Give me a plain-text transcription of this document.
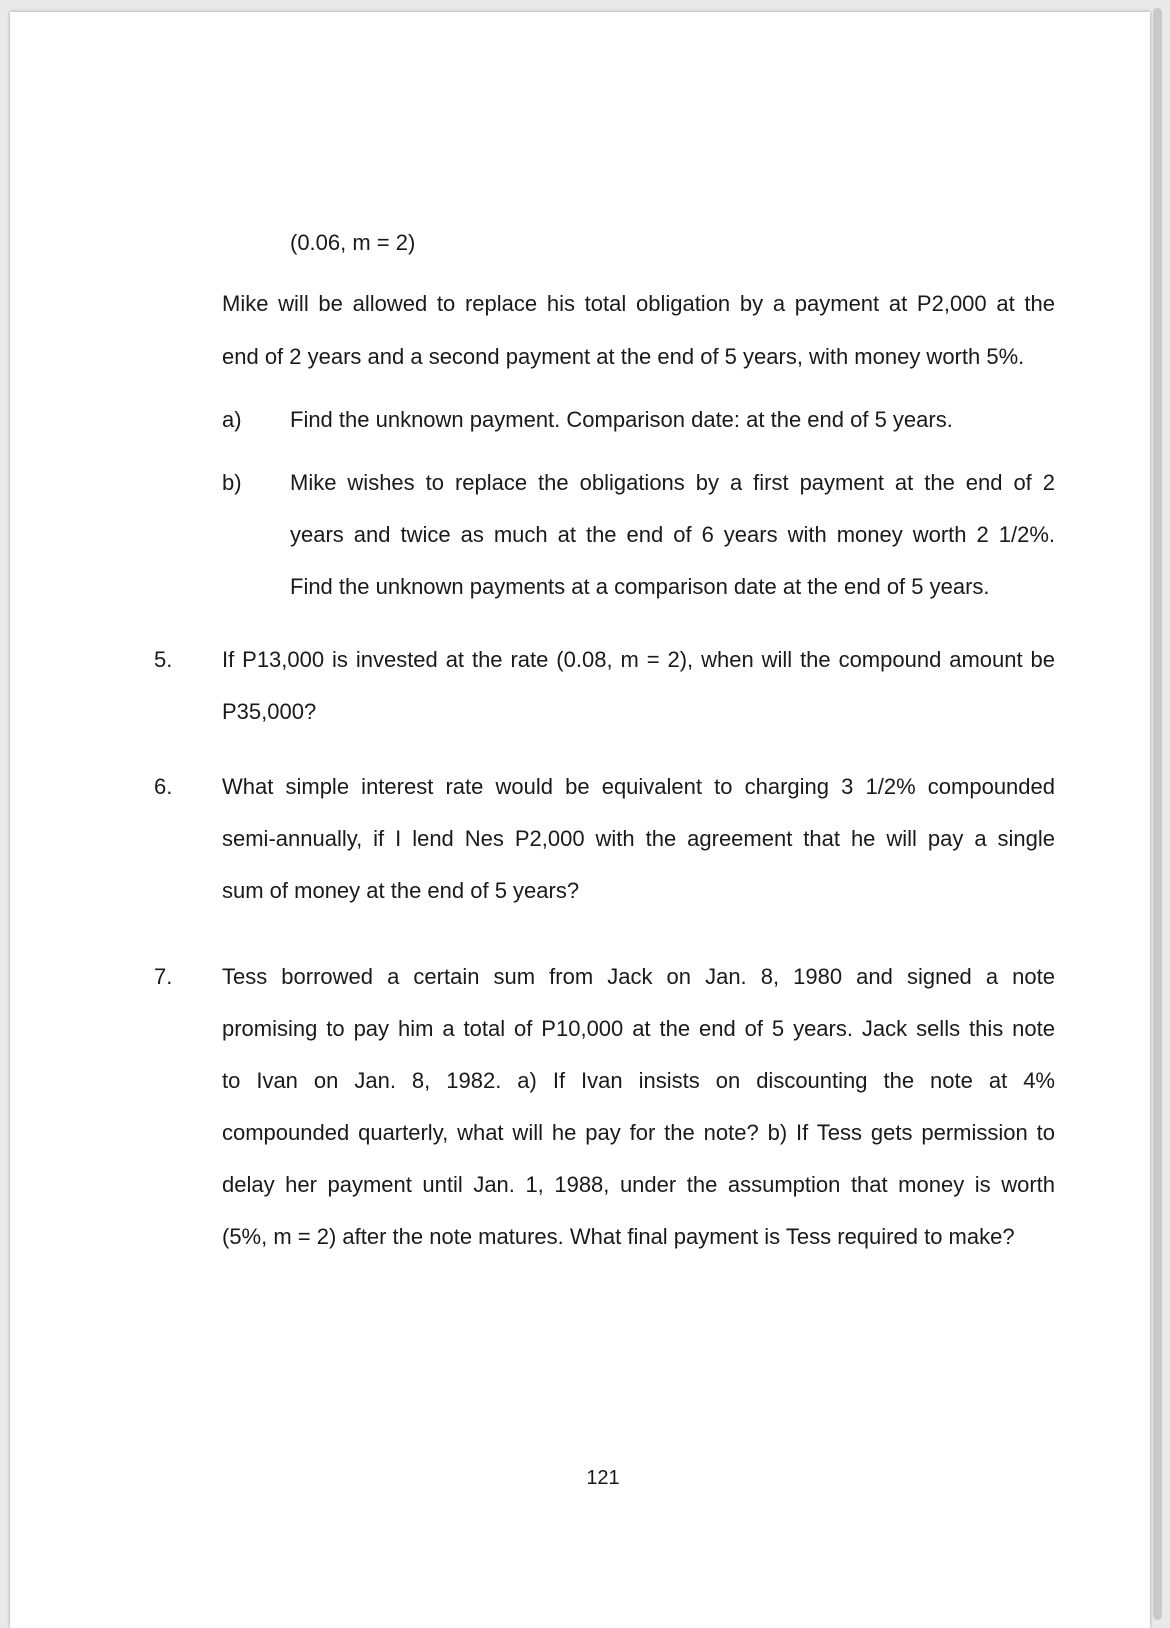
(0.06, m = 2)
Mike will be allowed to replace his total obligation by a payment at P2,000 at the
end of 2 years and a second payment at the end of 5 years, with money worth 5%.
a) Find the unknown payment. Comparison date: at the end of 5 years.
b) Mike wishes to replace the obligations by a first payment at the end of 2
years and twice as much at the end of 6 years with money worth 2 1/2%.
Find the unknown payments at a comparison date at the end of 5 years.
5. If P13,000 is invested at the rate (0.08, m = 2), when will the compound amount be
P35,000?
6. What simple interest rate would be equivalent to charging 3 1/2% compounded
semi-annually, if I lend Nes P2,000 with the agreement that he will pay a single
sum of money at the end of 5 years?
7. Tess borrowed a certain sum from Jack on Jan. 8, 1980 and signed a note
promising to pay him a total of P10,000 at the end of 5 years. Jack sells this note
to Ivan on Jan. 8, 1982. a) If Ivan insists on discounting the note at 4%
compounded quarterly, what will he pay for the note? b) If Tess gets permission to
delay her payment until Jan. 1, 1988, under the assumption that money is worth
(5%, m = 2) after the note matures. What final payment is Tess required to make?
121
